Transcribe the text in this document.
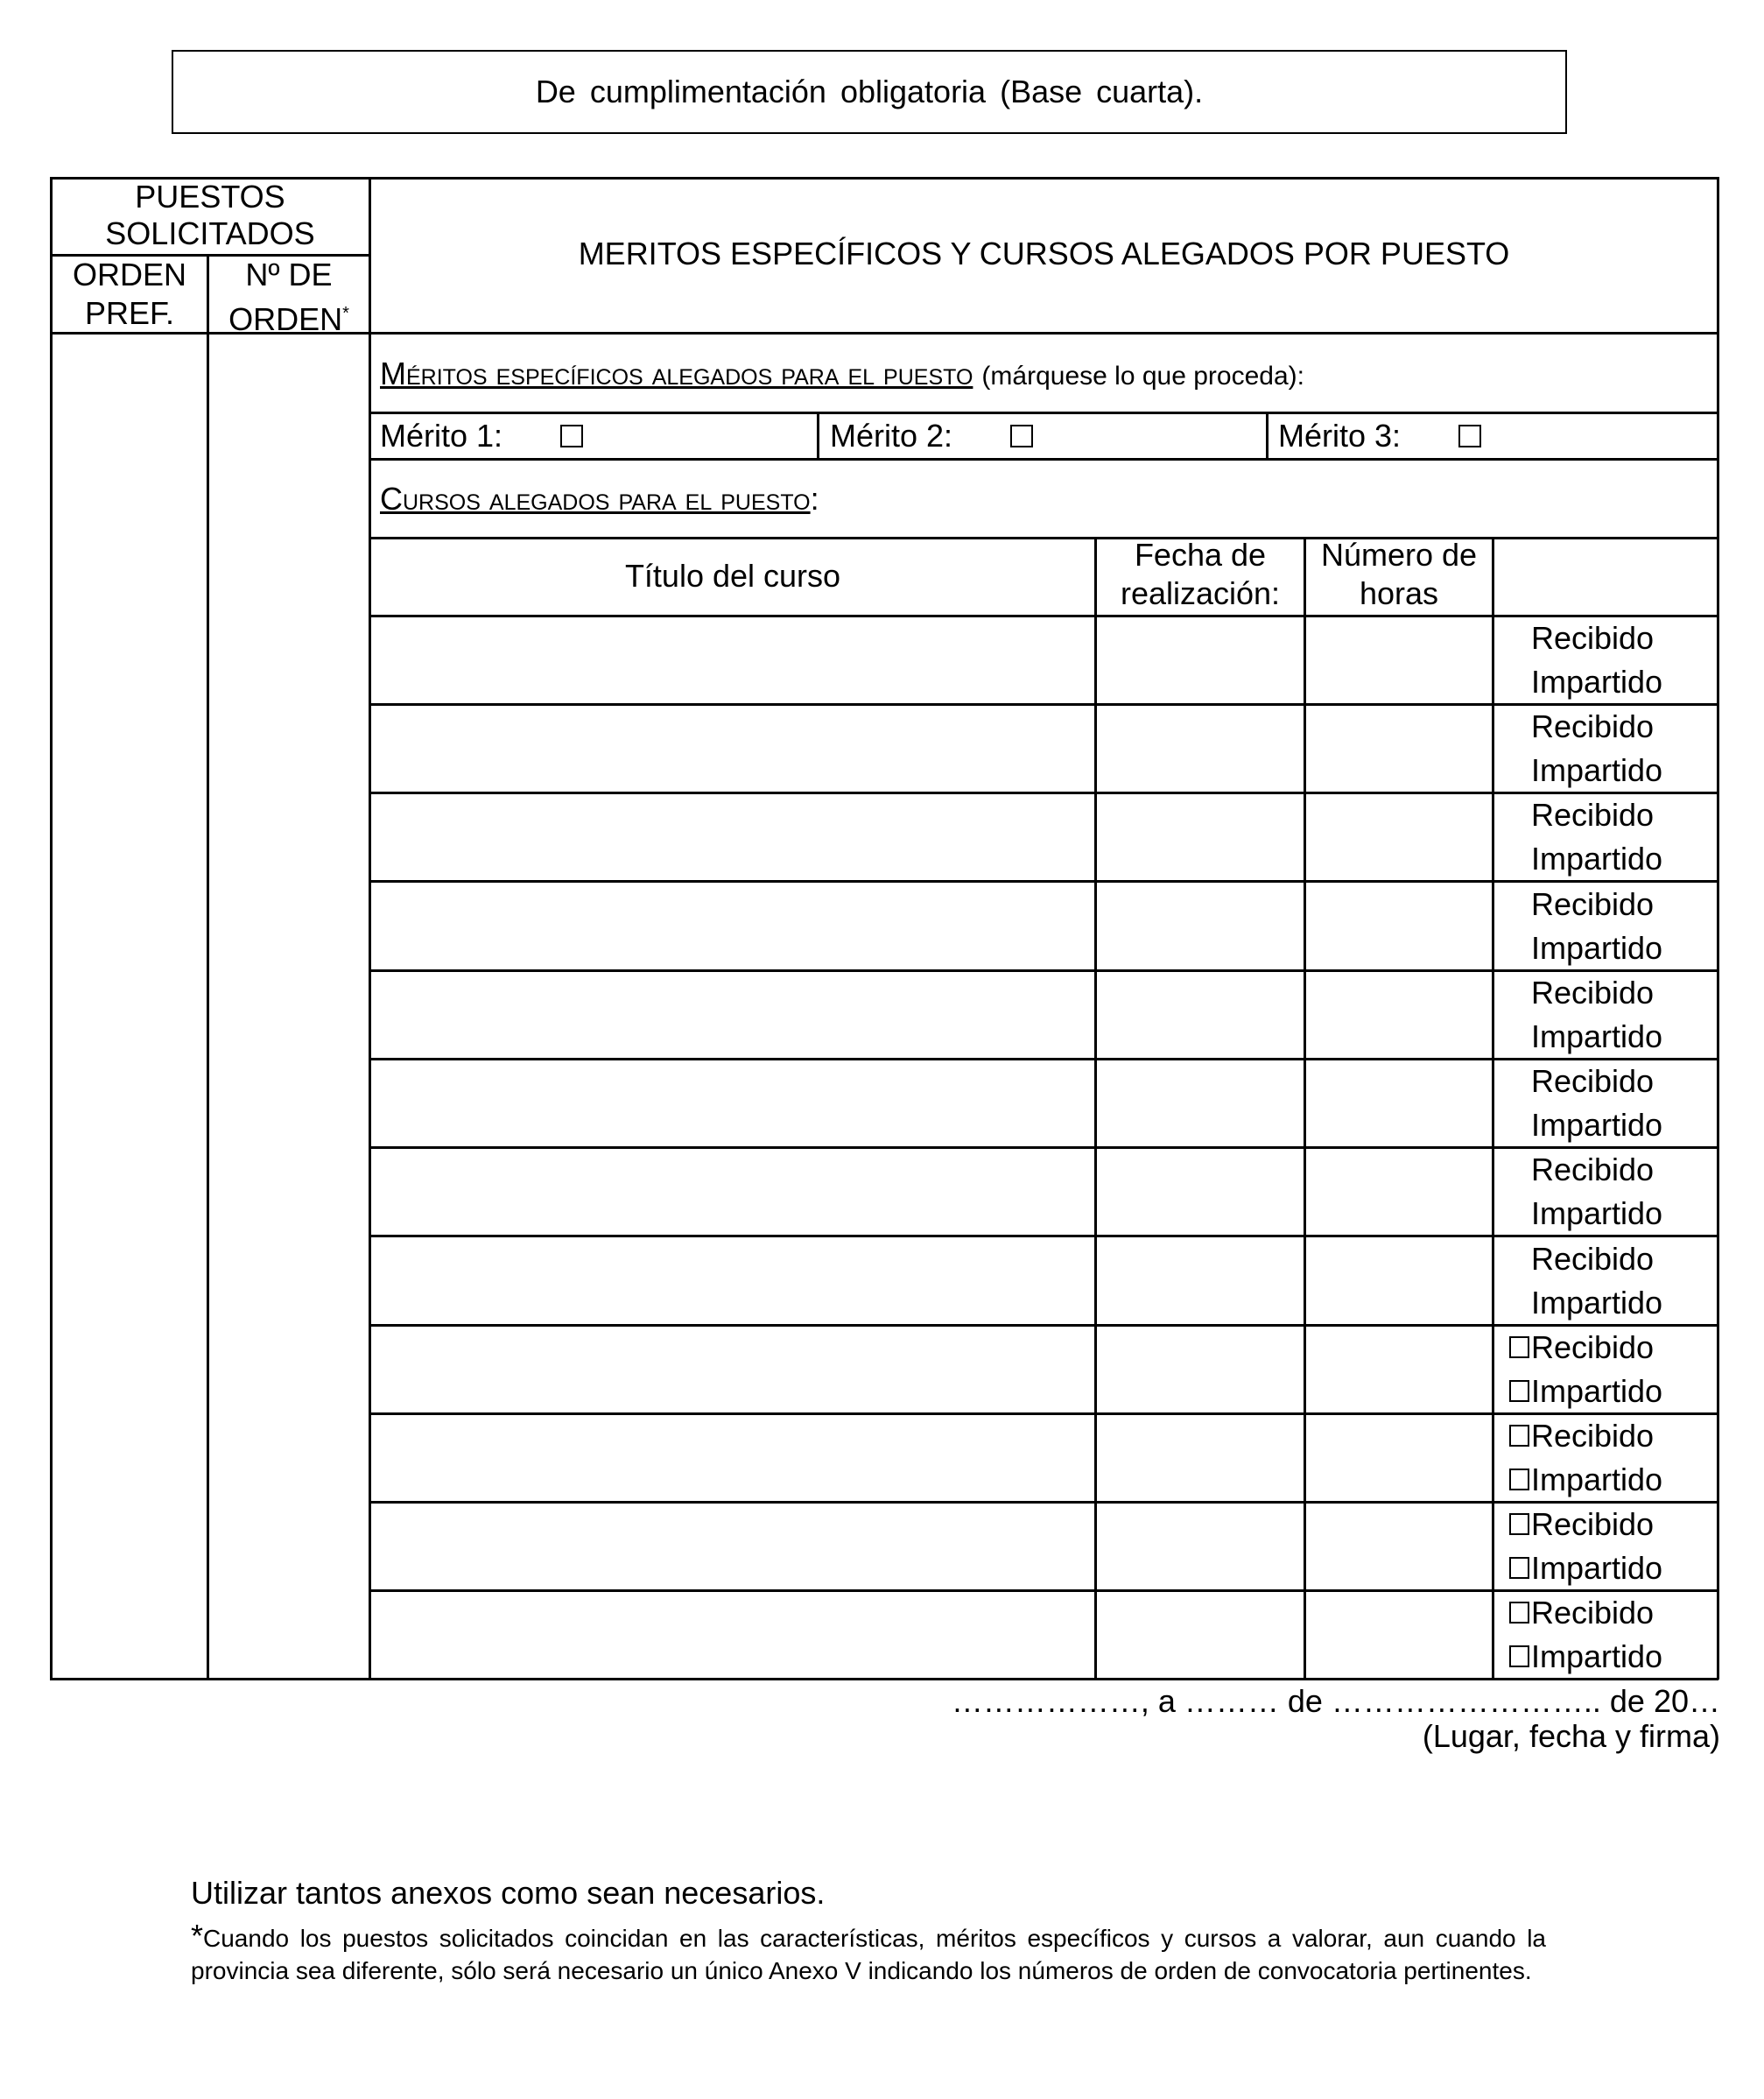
De cumplimentación obligatoria (Base cuarta).
PUESTOS SOLICITADOS
ORDEN PREF.
Nº DE ORDEN*
MERITOS ESPECÍFICOS Y CURSOS ALEGADOS POR PUESTO
Méritos específicos alegados para el puesto (márquese lo que proceda):
Mérito 1:	Mérito 2:	Mérito 3:
Cursos alegados para el puesto:
Título del curso
Fecha de realización:
Número de horas
Recibido
Impartido
Recibido
Impartido
Recibido
Impartido
Recibido
Impartido
Recibido
Impartido
Recibido
Impartido
Recibido
Impartido
Recibido
Impartido
Recibido
Impartido
Recibido
Impartido
Recibido
Impartido
Recibido
Impartido
………………, a ……… de …………………….. de 20…
(Lugar, fecha y firma)
Utilizar tantos anexos como sean necesarios.
*Cuando los puestos solicitados coincidan en las características, méritos específicos y cursos a valorar, aun cuando la provincia sea diferente, sólo será necesario un único Anexo V indicando los números de orden de convocatoria pertinentes.
